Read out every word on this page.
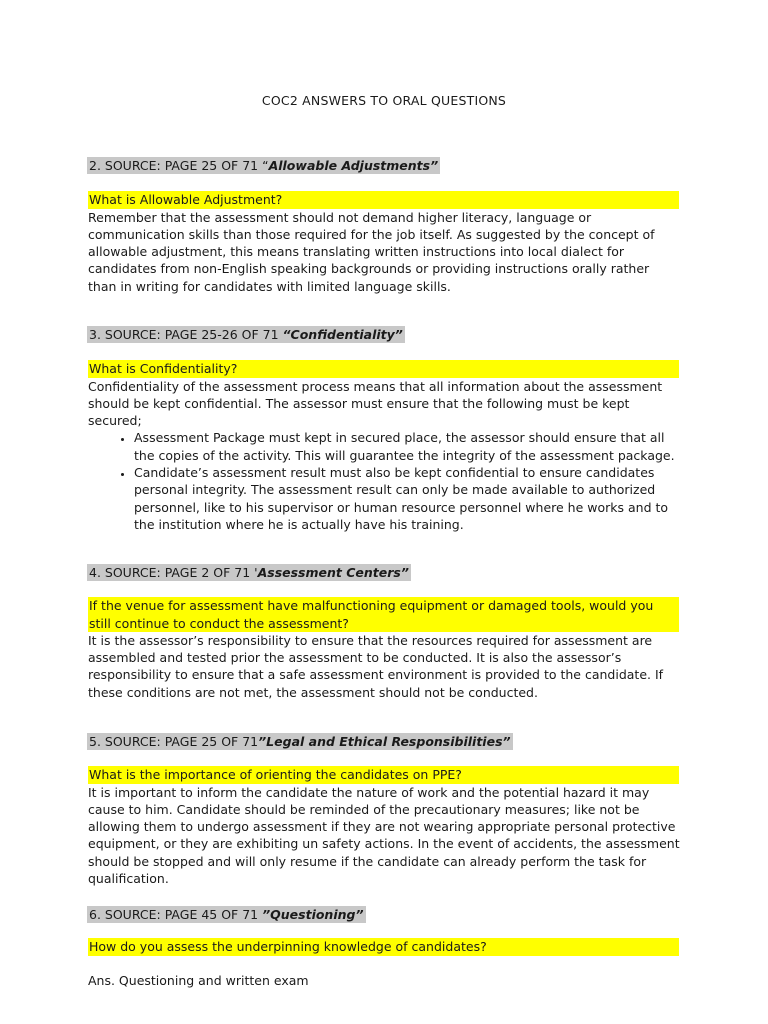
COC2 ANSWERS TO ORAL QUESTIONS
2. SOURCE: PAGE 25 OF 71 “Allowable Adjustments”
What is Allowable Adjustment?

Remember that the assessment should not demand higher literacy, language or communication skills than those required for the job itself. As suggested by the concept of allowable adjustment, this means translating written instructions into local dialect for candidates from non-English speaking backgrounds or providing instructions orally rather than in writing for candidates with limited language skills.

3. SOURCE: PAGE 25-26 OF 71 “Confidentiality”
What is Confidentiality?

Confidentiality of the assessment process means that all information about the assessment should be kept confidential. The assessor must ensure that the following must be kept secured;

• Assessment Package must kept in secured place, the assessor should ensure that all the copies of the activity. This will guarantee the integrity of the assessment package.
• Candidate’s assessment result must also be kept confidential to ensure candidates personal integrity. The assessment result can only be made available to authorized personnel, like to his supervisor or human resource personnel where he works and to the institution where he is actually have his training.
4. SOURCE: PAGE 2 OF 71 'Assessment Centers”
If the venue for assessment have malfunctioning equipment or damaged tools, would you still continue to conduct the assessment?

It is the assessor’s responsibility to ensure that the resources required for assessment are assembled and tested prior the assessment to be conducted. It is also the assessor’s responsibility to ensure that a safe assessment environment is provided to the candidate. If these conditions are not met, the assessment should not be conducted.

5. SOURCE: PAGE 25 OF 71”Legal and Ethical Responsibilities”
What is the importance of orienting the candidates on PPE?

It is important to inform the candidate the nature of work and the potential hazard it may cause to him. Candidate should be reminded of the precautionary measures; like not be allowing them to undergo assessment if they are not wearing appropriate personal protective equipment, or they are exhibiting un safety actions. In the event of accidents, the assessment should be stopped and will only resume if the candidate can already perform the task for qualification.

6. SOURCE: PAGE 45 OF 71 ”Questioning”
How do you assess the underpinning knowledge of candidates?

Ans. Questioning and written exam
